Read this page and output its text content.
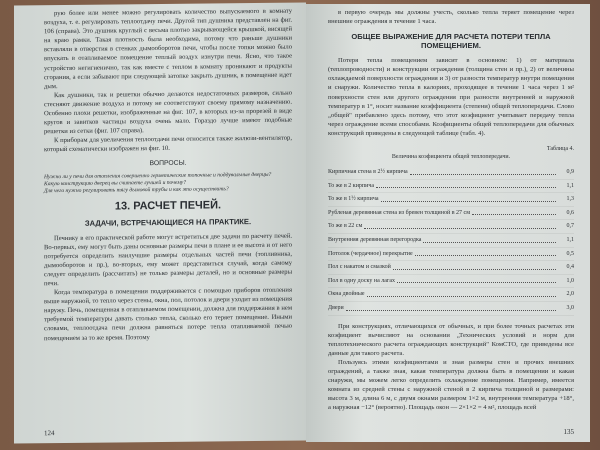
рую более или менее можно регулировать количество выпускаемого в комнату воздуха, т. е. регулировать теплоотдачу печи. Другой тип душника представлен на фиг. 106 (справа). Это душник круглый с весьма плотно закрывающейся крышкой, висящей на краю рамки. Такая плотность была необходима, потому что раньше душники вставляли в отверстия в стенках дымооборотов печи, чтобы после топки можно было впускать в отапливаемое помещение теплый воздух изнутри печи. Ясно, что такое устройство негигиенично, так как вместе с теплом в комнату проникают и продукты сгорания, а если забывают при следующей затопке закрыть душник, в помещение идет дым.

Как душники, так и решетки обычно делаются недостаточных размеров, сильно стесняют движение воздуха и потому не соответствуют своему прямому назначению. Особенно плохи решетки, изображенные на фиг. 107, в которых из-за прорезей в виде кругов и завитков частицы воздуха очень мало. Гораздо лучше имеют подобные решетки из сетки (фиг. 107 справа).

К приборам для увеличения теплоотдачи печи относится также жалюзи-вентилятор, который схематически изображен на фиг. 10.

ВОПРОСЫ.
Нужно ли у печи для отопления совершенно герметические топочные и поддувальные дверцы?
Какую конструкцию дверец вы считаете лучшей и почему?
Для чего нужно регулировать тягу дымовой трубы и как это осуществить?
13. РАСЧЕТ ПЕЧЕЙ.
ЗАДАЧИ, ВСТРЕЧАЮЩИЕСЯ НА ПРАКТИКЕ.

Печнику в его практической работе могут встретиться две задачи по расчету печей. Во-первых, ему могут быть даны основные размеры печи в плане и ее высота и от него потребуется определить наилучшие размеры отдельных частей печи (топливника, дымооборотов и пр.), во-вторых, ему может представиться случай, когда самому следует определить (рассчитать) не только размеры деталей, но и основные размеры печи.

Когда температура в помещении поддерживается с помощью приборов отопления выше наружной, то тепло через стены, окна, пол, потолок и двери уходит из помещения наружу. Печь, помещенная в отапливаемом помещении, должна для поддержания в нем требуемой температуры давать столько тепла, сколько его теряет помещение. Иными словами, теплоотдача печи должна равняться потере тепла отапливаемой печью помещением за то же время. Поэтому

124

в первую очередь мы должны учесть, сколько тепла теряет помещение через внешние ограждения в течение 1 часа.

ОБЩЕЕ ВЫРАЖЕНИЕ ДЛЯ РАСЧЕТА ПОТЕРИ ТЕПЛА ПОМЕЩЕНИЕМ.

Потеря тепла помещением зависит в основном: 1) от материала (теплопроводности) и конструкции ограждения (толщина стен и пр.), 2) от величины охлаждаемой поверхности ограждения и 3) от разности температур внутри помещения и снаружи. Количество тепла в калориях, проходящее в течение 1 часа через 1 м² поверхности стен или другого ограждения при разности внутренней и наружной температур в 1°, носит название коэффициента (степени) общей теплопередачи. Слово „общей" прибавлено здесь потому, что этот коэфициент учитывает передачу тепла через ограждение всеми способами. Коэфициенты общей теплопередачи для обычных конструкций приведены в следующей таблице (табл. 4).

Таблица 4.
Величина коэфициента общей теплопередачи.
Кирпичная стена в 2½ кирпича	0,9
То же в 2 кирпича	1,1
То же в 1½ кирпича	1,3
Рубленая деревянная стена из бревен толщиной в 27 см	0,6
То же в 22 см	0,7
Внутренняя деревянная перегородка	1,1
Потолок (чердачное) перекрытие	0,5
Пол с накатом и смазкой	0,4
Пол в одну доску на лагах	1,0
Окна двойные	2,0
Двери	3,0

При конструкциях, отличающихся от обычных, и при более точных расчетах эти коэфициент вычисляют на основании „Технических условий и норм для теплотехнического расчета ограждающих конструкций" КомСТО, где приведены все данные для такого расчета.

Пользуясь этими коэфициентами и зная размеры стен и прочих внешних ограждений, а также зная, какая температура должна быть в помещении и какая снаружи, мы можем легко определить охлаждение помещения. Например, имеется комната из средней стены с наружной стеной в 2 кирпича толщиной и размерами: высота 3 м, длина 6 м, с двумя окнами размером 1×2 м, внутренняя температура +18°, а наружная −12° (вероятно). Площадь окон — 2×1×2 = 4 м², площадь всей

135
